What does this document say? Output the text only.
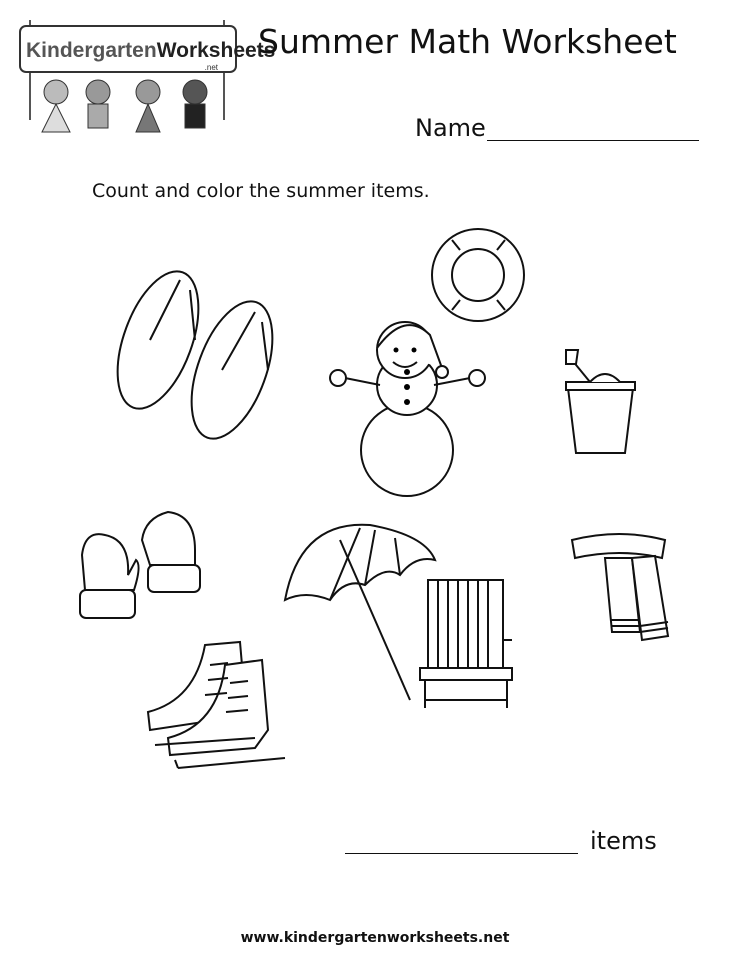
KindergartenWorksheets
.net
Summer Math Worksheet
Name
Count and color the summer items.
items
www.kindergartenworksheets.net
